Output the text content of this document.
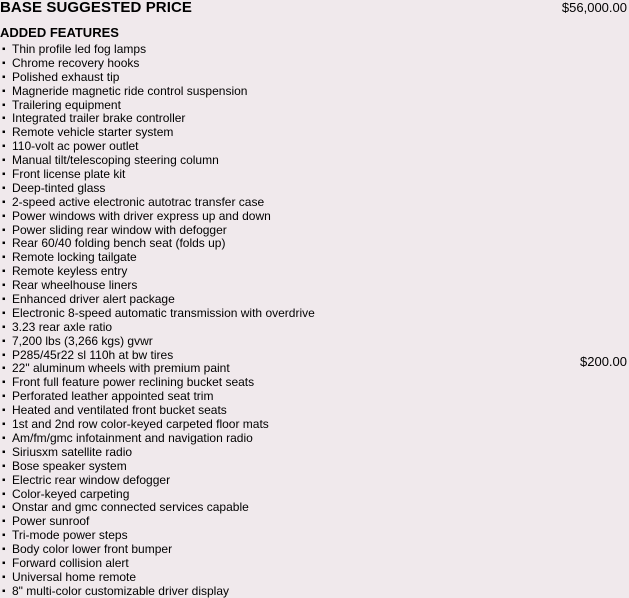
BASE SUGGESTED PRICE	$56,000.00
ADDED FEATURES
▪ Thin profile led fog lamps
▪ Chrome recovery hooks
▪ Polished exhaust tip
▪ Magneride magnetic ride control suspension
▪ Trailering equipment
▪ Integrated trailer brake controller
▪ Remote vehicle starter system
▪ 110-volt ac power outlet
▪ Manual tilt/telescoping steering column
▪ Front license plate kit
▪ Deep-tinted glass
▪ 2-speed active electronic autotrac transfer case
▪ Power windows with driver express up and down
▪ Power sliding rear window with defogger
▪ Rear 60/40 folding bench seat (folds up)
▪ Remote locking tailgate
▪ Remote keyless entry
▪ Rear wheelhouse liners
▪ Enhanced driver alert package
▪ Electronic 8-speed automatic transmission with overdrive
▪ 3.23 rear axle ratio
▪ 7,200 lbs (3,266 kgs) gvwr
▪ P285/45r22 sl 110h at bw tires
▪ 22" aluminum wheels with premium paint	$200.00
▪ Front full feature power reclining bucket seats
▪ Perforated leather appointed seat trim
▪ Heated and ventilated front bucket seats
▪ 1st and 2nd row color-keyed carpeted floor mats
▪ Am/fm/gmc infotainment and navigation radio
▪ Siriusxm satellite radio
▪ Bose speaker system
▪ Electric rear window defogger
▪ Color-keyed carpeting
▪ Onstar and gmc connected services capable
▪ Power sunroof
▪ Tri-mode power steps
▪ Body color lower front bumper
▪ Forward collision alert
▪ Universal home remote
▪ 8" multi-color customizable driver display
